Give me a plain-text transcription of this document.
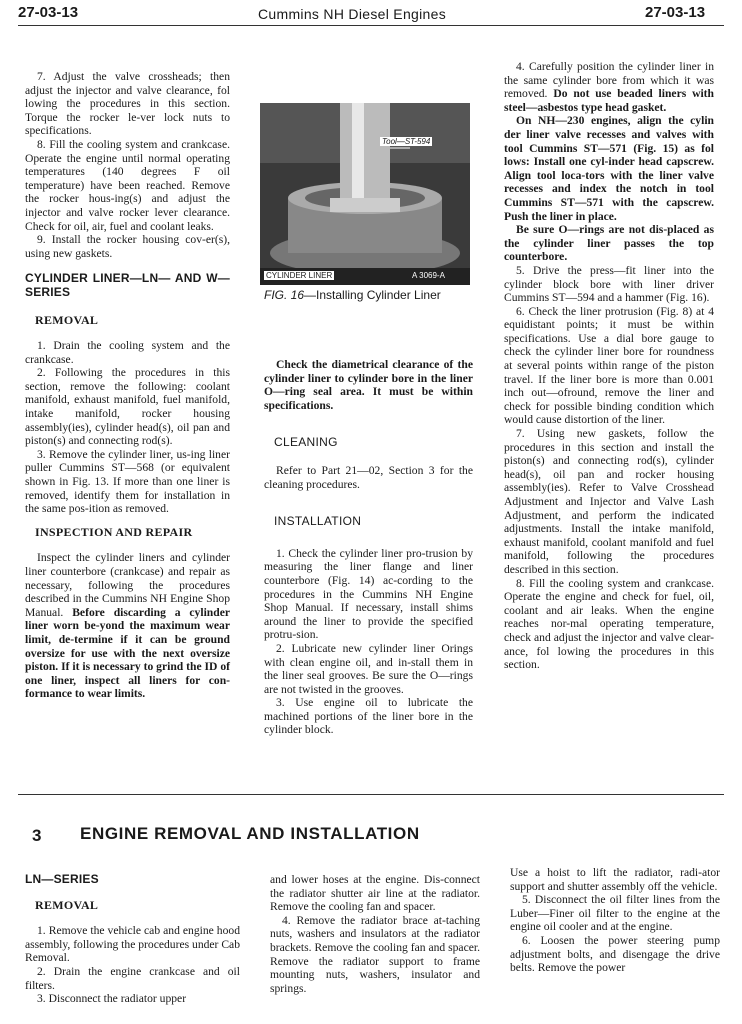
27-03-13	Cummins NH Diesel Engines	27-03-13

7. Adjust the valve crossheads; then adjust the injector and valve clearance, fol lowing the procedures in this section. Torque the rocker le-ver lock nuts to specifications.

8. Fill the cooling system and crankcase. Operate the engine until normal operating temperatures (140 degrees F oil temperature) have been reached. Remove the rocker hous-ing(s) and adjust the injector and valve rocker lever clearance. Check for oil, air, fuel and coolant leaks.

9. Install the rocker housing cov-er(s), using new gaskets.

CYLINDER LINER—LN— AND W—SERIES
REMOVAL

1. Drain the cooling system and the crankcase.

2. Following the procedures in this section, remove the following: coolant manifold, exhaust manifold, fuel manifold, intake manifold, rocker housing assembly(ies), cylinder head(s), oil pan and piston(s) and connecting rod(s).

3. Remove the cylinder liner, us-ing liner puller Cummins ST—568 (or equivalent shown in Fig. 13. If more than one liner is removed, identify them for installation in the same pos-ition as removed.

INSPECTION AND REPAIR

Inspect the cylinder liners and cylinder liner counterbore (crankcase) and repair as necessary, following the procedures described in the Cummins NH Engine Shop Manual. Before discarding a cylinder liner worn be-yond the maximum wear limit, de-termine if it can be ground oversize for use with the next oversize piston. If it is necessary to grind the ID of one liner, inspect all liners for con-formance to wear limits.

Tool—ST-594
CYLINDER LINER	A 3069-A
FIG. 16—Installing Cylinder Liner

Check the diametrical clearance of the cylinder liner to cylinder bore in the liner O—ring seal area. It must be within specifications.

CLEANING

Refer to Part 21—02, Section 3 for the cleaning procedures.

INSTALLATION

1. Check the cylinder liner pro-trusion by measuring the liner flange and liner counterbore (Fig. 14) ac-cording to the procedures in the Cummins NH Engine Shop Manual. If necessary, install shims around the liner to provide the specified protru-sion.

2. Lubricate new cylinder liner Orings with clean engine oil, and in-stall them in the liner seal grooves. Be sure the O—rings are not twisted in the grooves.

3. Use engine oil to lubricate the machined portions of the liner bore in the cylinder block.

4. Carefully position the cylinder liner in the same cylinder bore from which it was removed. Do not use beaded liners with steel—asbestos type head gasket.

On NH—230 engines, align the cylin der liner valve recesses and valves with tool Cummins ST—571 (Fig. 15) as fol lows: Install one cyl-inder head capscrew. Align tool loca-tors with the liner valve recesses and index the notch in tool Cummins ST—571 with the capscrew. Push the liner in place.

Be sure O—rings are not dis-placed as the cylinder liner passes the top counterbore.

5. Drive the press—fit liner into the cylinder block bore with liner driver Cummins ST—594 and a hammer (Fig. 16).

6. Check the liner protrusion (Fig. 8) at 4 equidistant points; it must be within specifications. Use a dial bore gauge to check the cylinder liner bore for roundness at several points within range of the piston travel. If the liner bore is more than 0.001 inch out—ofround, remove the liner and check for possible binding condition which would cause distortion of the liner.

7. Using new gaskets, follow the procedures in this section and install the piston(s) and connecting rod(s), cylinder head(s), oil pan and rocker housing assembly(ies). Refer to Valve Crosshead Adjustment and Injector and Valve Lash Adjustment, and perform the indicated adjustments. Install the intake manifold, exhaust manifold, coolant manifold and fuel manifold, following the procedures described in this section.

8. Fill the cooling system and crankcase. Operate the engine and check for fuel, oil, coolant and air leaks. When the engine reaches nor-mal operating temperature, check and adjust the injector and valve clear-ance, fol lowing the procedures in this section.

3 ENGINE REMOVAL AND INSTALLATION
LN—SERIES
REMOVAL

1. Remove the vehicle cab and engine hood assembly, following the procedures under Cab Removal.

2. Drain the engine crankcase and oil filters.

3. Disconnect the radiator upper

and lower hoses at the engine. Dis-connect the radiator shutter air line at the radiator. Remove the cooling fan and spacer.

4. Remove the radiator brace at-taching nuts, washers and insulators at the radiator brackets. Remove the cooling fan and spacer. Remove the radiator support to frame mounting nuts, washers, insulator and springs.

Use a hoist to lift the radiator, radi-ator support and shutter assembly off the vehicle.

5. Disconnect the oil filter lines from the Luber—Finer oil filter to the engine at the engine oil cooler and at the engine.

6. Loosen the power steering pump adjustment bolts, and disengage the drive belts. Remove the power
